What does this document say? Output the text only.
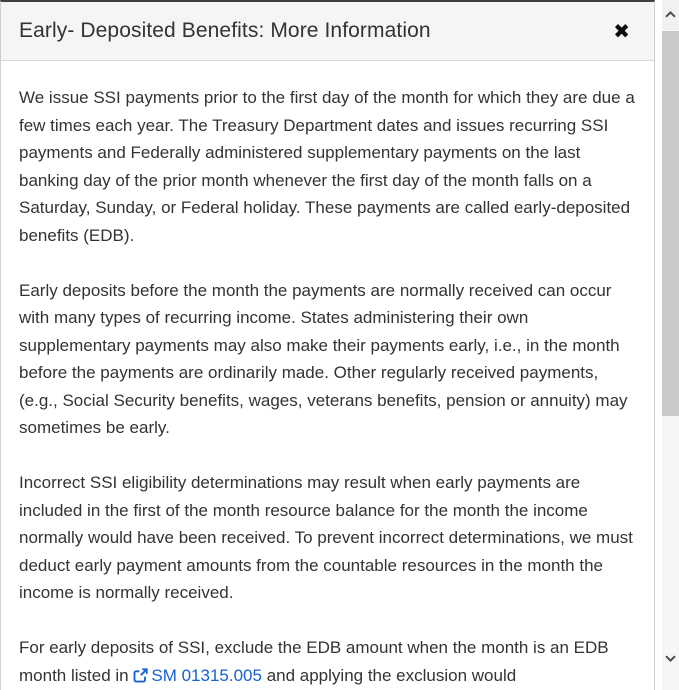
Early- Deposited Benefits: More Information	✖

We issue SSI payments prior to the first day of the month for which they are due a few times each year. The Treasury Department dates and issues recurring SSI payments and Federally administered supplementary payments on the last banking day of the prior month whenever the first day of the month falls on a Saturday, Sunday, or Federal holiday. These payments are called early-deposited benefits (EDB).

Early deposits before the month the payments are normally received can occur with many types of recurring income. States administering their own supplementary payments may also make their payments early, i.e., in the month before the payments are ordinarily made. Other regularly received payments, (e.g., Social Security benefits, wages, veterans benefits, pension or annuity) may sometimes be early.

Incorrect SSI eligibility determinations may result when early payments are included in the first of the month resource balance for the month the income normally would have been received. To prevent incorrect determinations, we must deduct early payment amounts from the countable resources in the month the income is normally received.

For early deposits of SSI, exclude the EDB amount when the month is an EDB month listed in SM 01315.005 and applying the exclusion would
